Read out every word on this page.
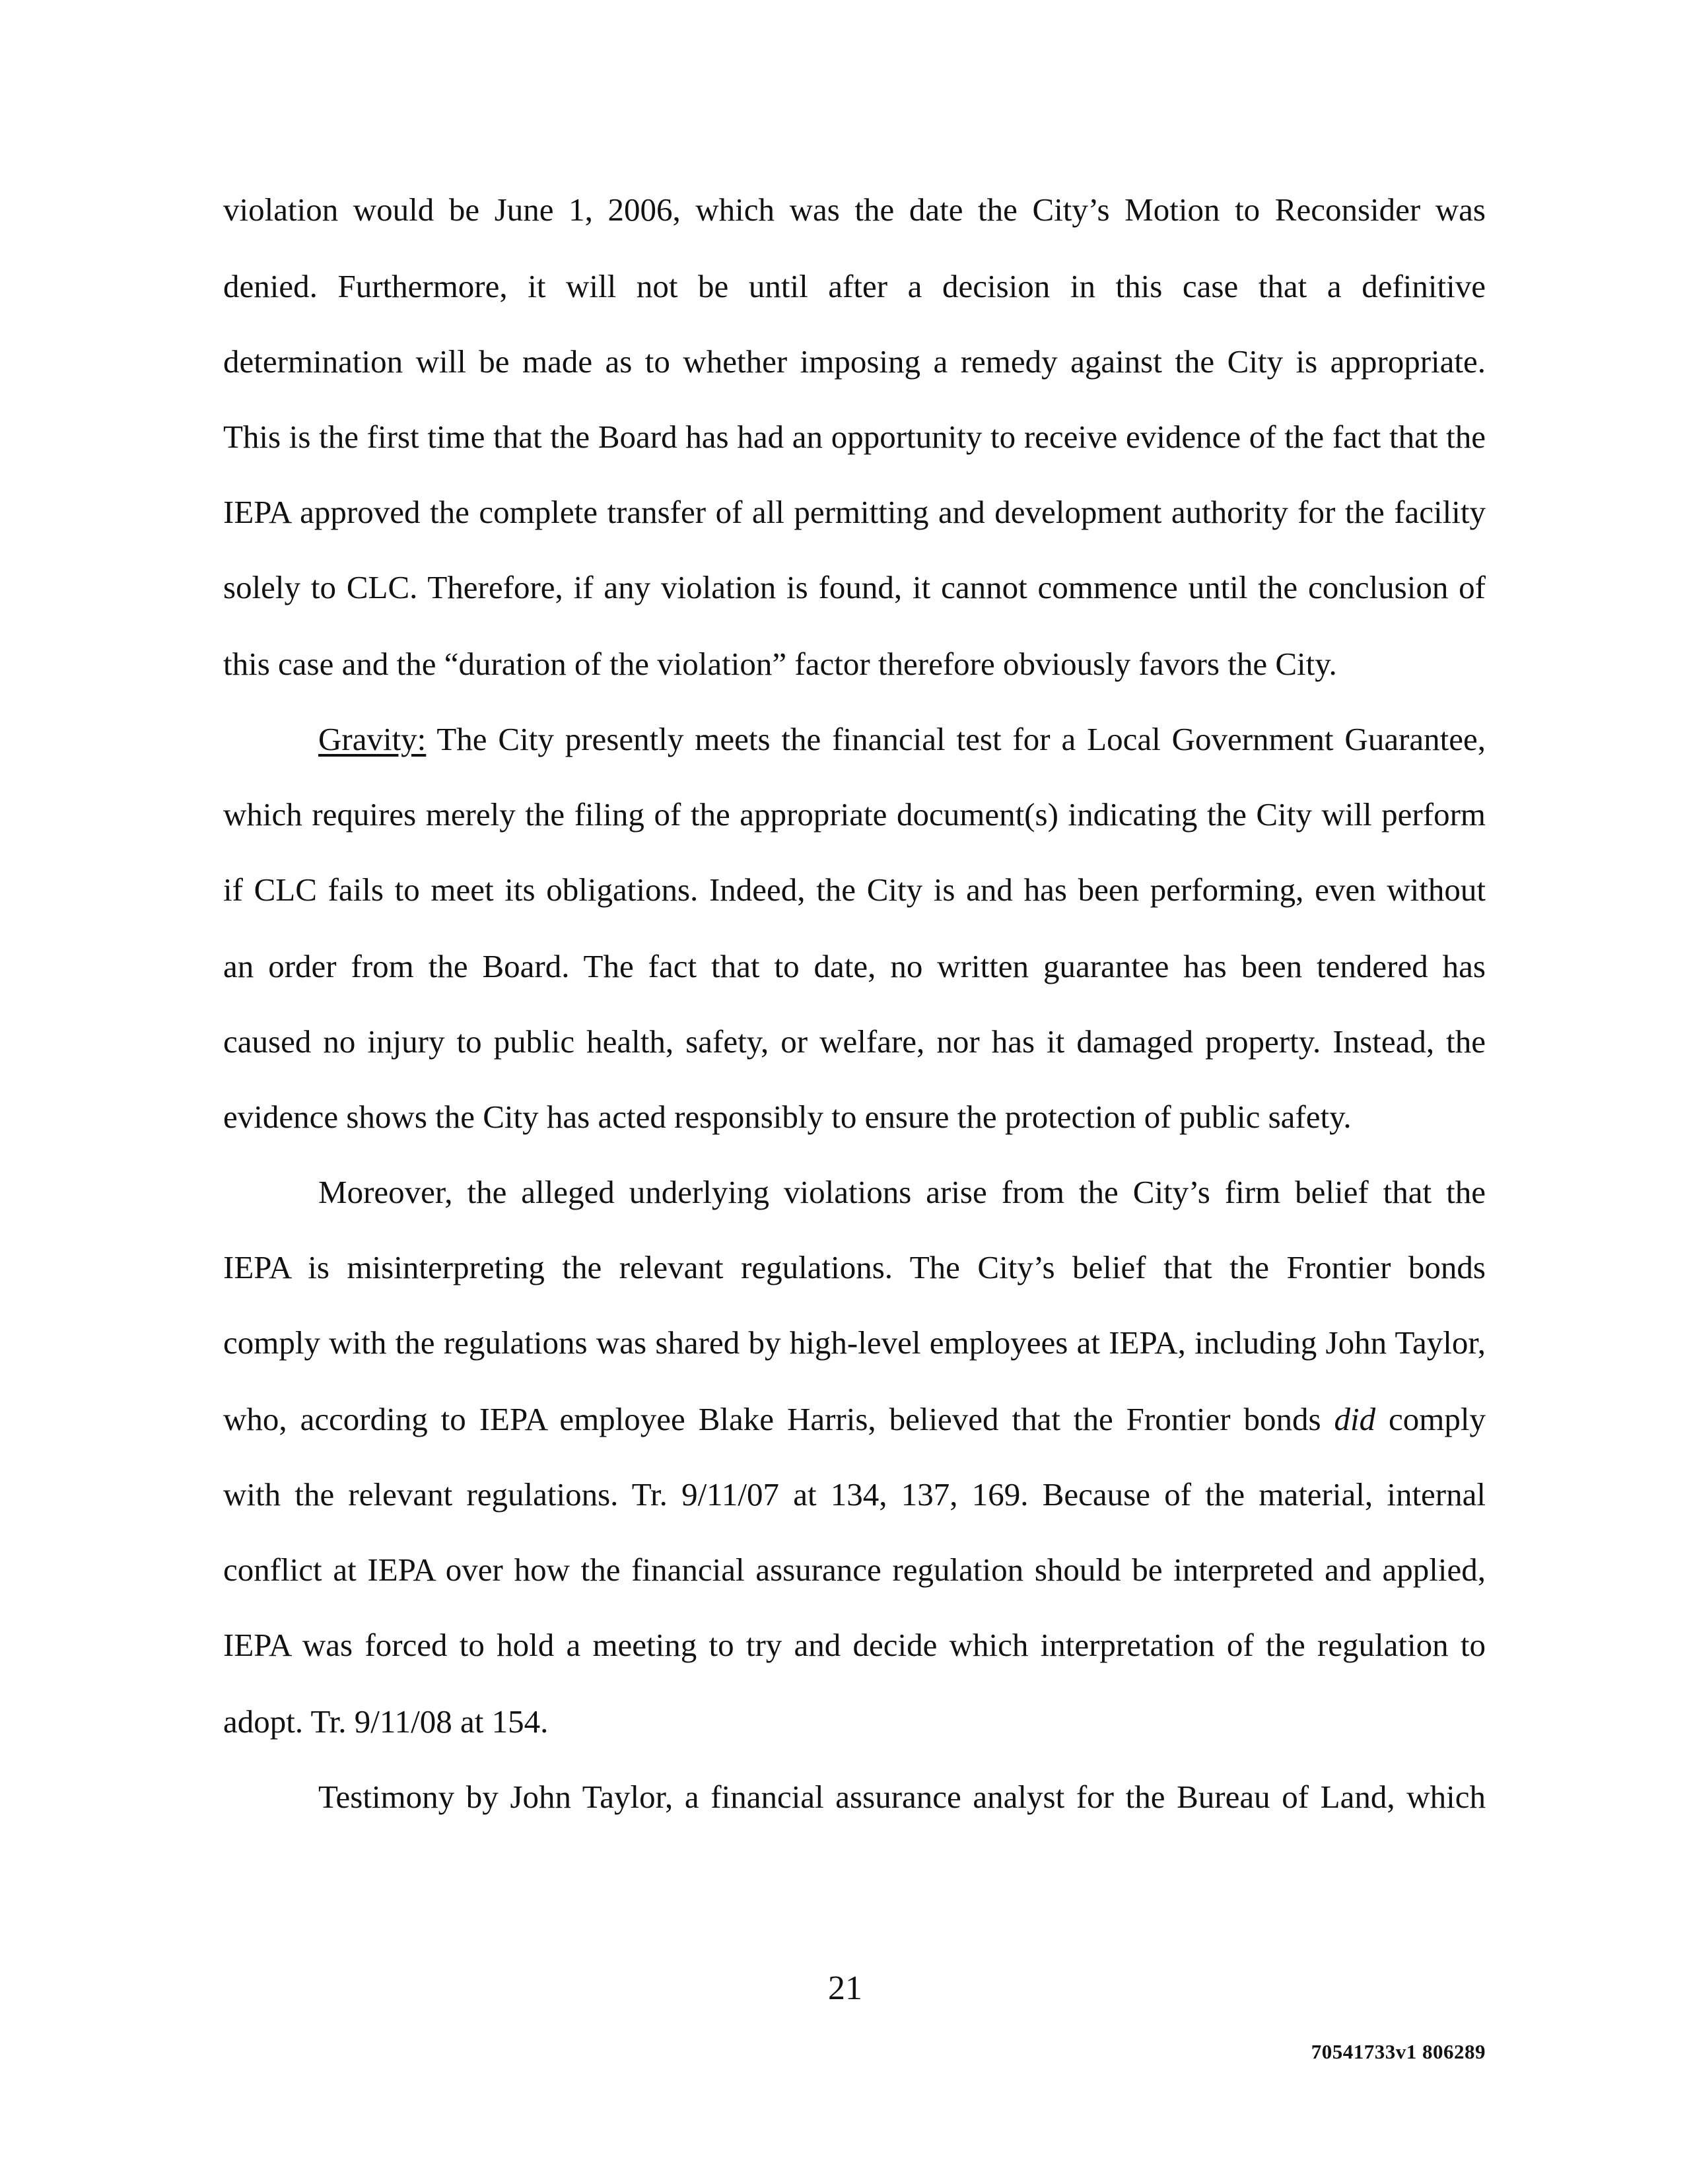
violation would be June 1, 2006, which was the date the City’s Motion to Reconsider was
denied. Furthermore, it will not be until after a decision in this case that a definitive
determination will be made as to whether imposing a remedy against the City is appropriate.
This is the first time that the Board has had an opportunity to receive evidence of the fact that the
IEPA approved the complete transfer of all permitting and development authority for the facility
solely to CLC. Therefore, if any violation is found, it cannot commence until the conclusion of
this case and the “duration of the violation” factor therefore obviously favors the City.
Gravity: The City presently meets the financial test for a Local Government Guarantee,
which requires merely the filing of the appropriate document(s) indicating the City will perform
if CLC fails to meet its obligations. Indeed, the City is and has been performing, even without
an order from the Board. The fact that to date, no written guarantee has been tendered has
caused no injury to public health, safety, or welfare, nor has it damaged property. Instead, the
evidence shows the City has acted responsibly to ensure the protection of public safety.
Moreover, the alleged underlying violations arise from the City’s firm belief that the
IEPA is misinterpreting the relevant regulations. The City’s belief that the Frontier bonds
comply with the regulations was shared by high-level employees at IEPA, including John Taylor,
who, according to IEPA employee Blake Harris, believed that the Frontier bonds did comply
with the relevant regulations. Tr. 9/11/07 at 134, 137, 169. Because of the material, internal
conflict at IEPA over how the financial assurance regulation should be interpreted and applied,
IEPA was forced to hold a meeting to try and decide which interpretation of the regulation to
adopt. Tr. 9/11/08 at 154.
Testimony by John Taylor, a financial assurance analyst for the Bureau of Land, which
21
70541733v1 806289
